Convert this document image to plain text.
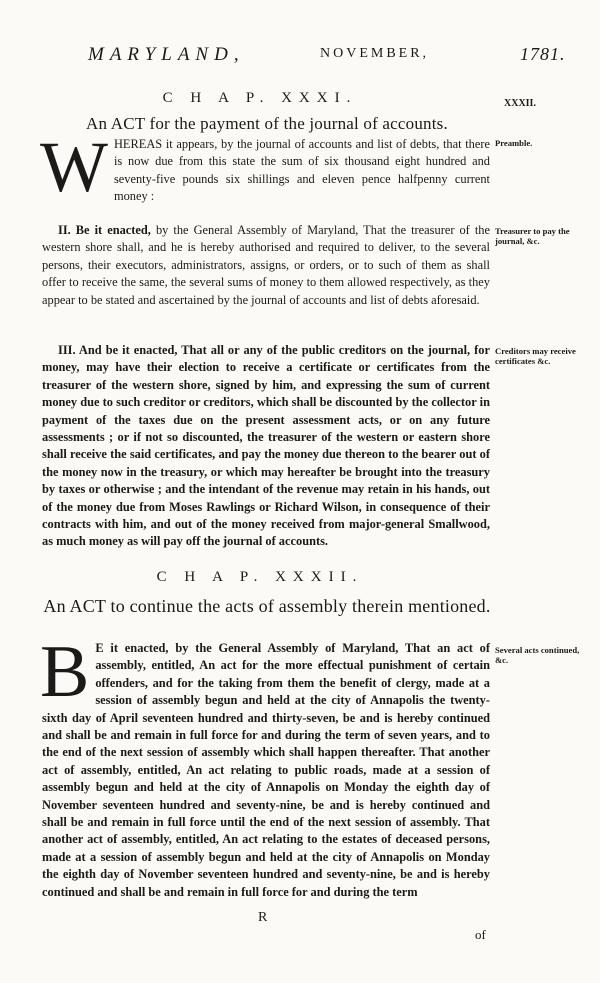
MARYLAND,	NOVEMBER,	1781.
XXXII.
C H A P. XXXI.
An ACT for the payment of the journal of accounts.
WHEREAS it appears, by the journal of accounts and list of debts, that there is now due from this state the sum of six thousand eight hundred and seventy-five pounds six shillings and eleven pence halfpenny current money :
II. Be it enacted, by the General Assembly of Maryland, That the treasurer of the western shore shall, and he is hereby authorised and required to deliver, to the several persons, their executors, administrators, assigns, or orders, or to such of them as shall offer to receive the same, the several sums of money to them allowed respectively, as they appear to be stated and ascertained by the journal of accounts and list of debts aforesaid.
III. And be it enacted, That all or any of the public creditors on the journal, for money, may have their election to receive a certificate or certificates from the treasurer of the western shore, signed by him, and expressing the sum of current money due to such creditor or creditors, which shall be discounted by the collector in payment of the taxes due on the present assessment acts, or on any future assessments ; or if not so discounted, the treasurer of the western or eastern shore shall receive the said certificates, and pay the money due thereon to the bearer out of the money now in the treasury, or which may hereafter be brought into the treasury by taxes or otherwise ; and the intendant of the revenue may retain in his hands, out of the money due from Moses Rawlings or Richard Wilson, in consequence of their contracts with him, and out of the money received from major-general Smallwood, as much money as will pay off the journal of accounts.
C H A P. XXXII.
An ACT to continue the acts of assembly therein mentioned.
B E it enacted, by the General Assembly of Maryland, That an act of assembly, entitled, An act for the more effectual punishment of certain offenders, and for the taking from them the benefit of clergy, made at a session of assembly begun and held at the city of Annapolis the twenty-sixth day of April seventeen hundred and thirty-seven, be and is hereby continued and shall be and remain in full force for and during the term of seven years, and to the end of the next session of assembly which shall happen thereafter. That another act of assembly, entitled, An act relating to public roads, made at a session of assembly begun and held at the city of Annapolis on Monday the eighth day of November seventeen hundred and seventy-nine, be and is hereby continued and shall be and remain in full force until the end of the next session of assembly. That another act of assembly, entitled, An act relating to the estates of deceased persons, made at a session of assembly begun and held at the city of Annapolis on Monday the eighth day of November seventeen hundred and seventy-nine, be and is hereby continued and shall be and remain in full force for and during the term
Preamble.
Treasurer to pay the journal, &c.
Creditors may receive certificates &c.
Several acts continued, &c.
R
of
